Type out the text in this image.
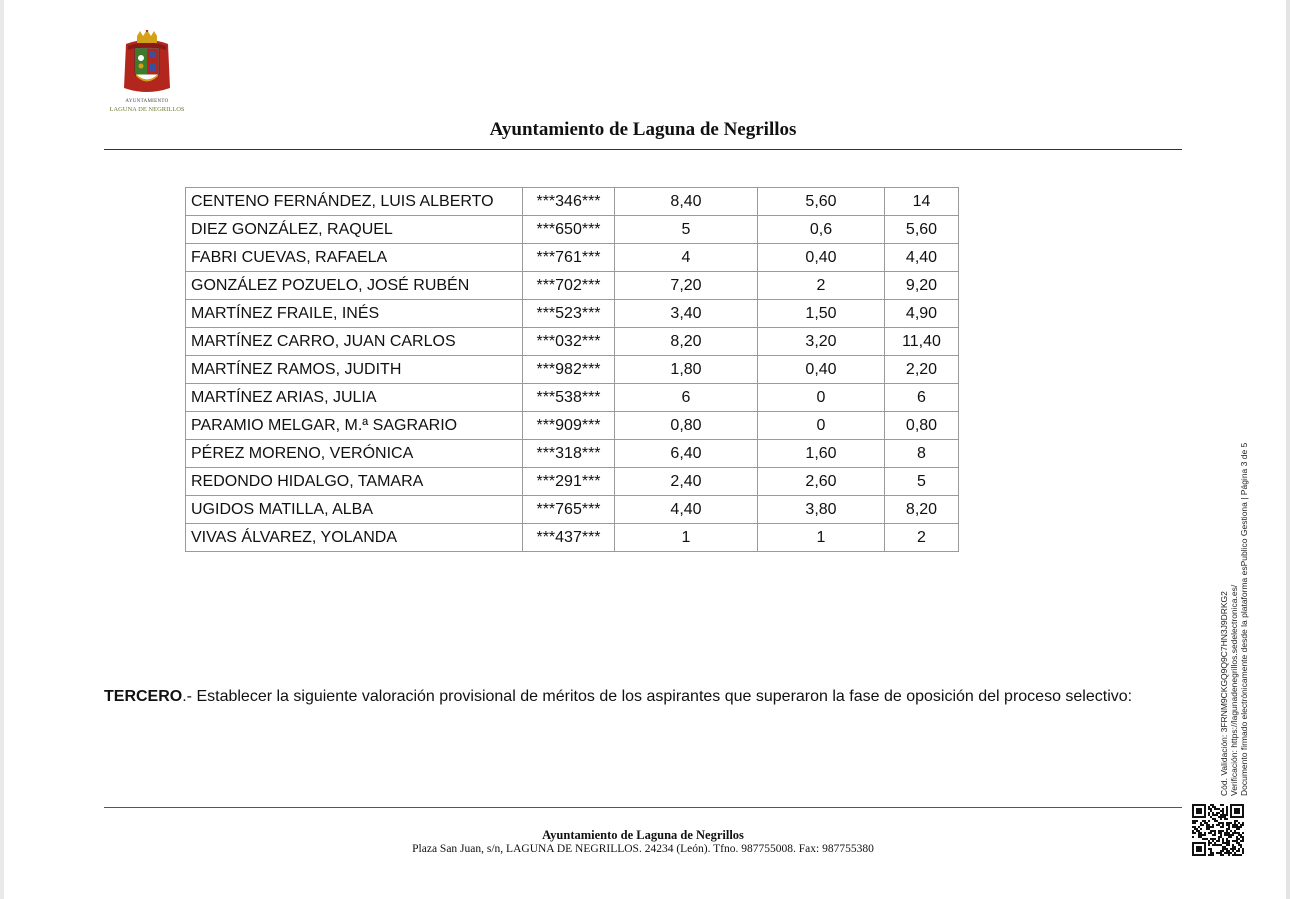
AYUNTAMIENTO
LAGUNA DE NEGRILLOS
Ayuntamiento de Laguna de Negrillos
CENTENO FERNÁNDEZ, LUIS ALBERTO	***346***	8,40	5,60	14
DIEZ GONZÁLEZ, RAQUEL	***650***	5	0,6	5,60
FABRI CUEVAS, RAFAELA	***761***	4	0,40	4,40
GONZÁLEZ POZUELO, JOSÉ RUBÉN	***702***	7,20	2	9,20
MARTÍNEZ FRAILE, INÉS	***523***	3,40	1,50	4,90
MARTÍNEZ CARRO, JUAN CARLOS	***032***	8,20	3,20	11,40
MARTÍNEZ RAMOS, JUDITH	***982***	1,80	0,40	2,20
MARTÍNEZ ARIAS, JULIA	***538***	6	0	6
PARAMIO MELGAR, M.ª SAGRARIO	***909***	0,80	0	0,80
PÉREZ MORENO, VERÓNICA	***318***	6,40	1,60	8
REDONDO HIDALGO, TAMARA	***291***	2,40	2,60	5
UGIDOS MATILLA, ALBA	***765***	4,40	3,80	8,20
VIVAS ÁLVAREZ, YOLANDA	***437***	1	1	2
TERCERO.- Establecer la siguiente valoración provisional de méritos de los aspirantes que superaron la fase de oposición del proceso selectivo:
Ayuntamiento de Laguna de Negrillos
Plaza San Juan, s/n, LAGUNA DE NEGRILLOS. 24234 (León). Tfno. 987755008. Fax: 987755380
Cód. Validación: 3FRNM9CKGQ9Q9C7HN3J9DRKG2 Verificación: https://lagunadenegrillos.sedelectronica.es/ Documento firmado electrónicamente desde la plataforma esPublico Gestiona | Página 3 de 5
